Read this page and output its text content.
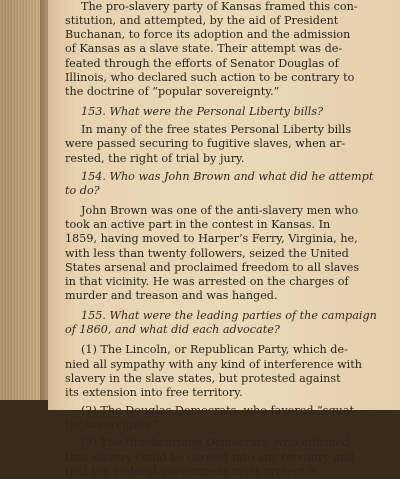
The pro-slavery party of Kansas framed this con-
stitution, and attempted, by the aid of President
Buchanan, to force its adoption and the admission
of Kansas as a slave state. Their attempt was de-
feated through the efforts of Senator Douglas of
Illinois, who declared such action to be contrary to
the doctrine of “popular sovereignty.”

153. What were the Personal Liberty bills?

In many of the free states Personal Liberty bills
were passed securing to fugitive slaves, when ar-
rested, the right of trial by jury.

154. Who was John Brown and what did he attempt
to do?

John Brown was one of the anti-slavery men who
took an active part in the contest in Kansas. In
1859, having moved to Harper’s Ferry, Virginia, he,
with less than twenty followers, seized the United
States arsenal and proclaimed freedom to all slaves
in that vicinity. He was arrested on the charges of
murder and treason and was hanged.

155. What were the leading parties of the campaign
of 1860, and what did each advocate?

(1) The Lincoln, or Republican Party, which de-
nied all sympathy with any kind of interference with
slavery in the slave states, but protested against
its extension into free territory.

(2) The Douglas Democrats, who favored “squat-
ter sovereignty.”

(3) The Breckenridge Democrats, who affirmed
that slavery could be carried into any territory and
that the Federal government must protect it.
